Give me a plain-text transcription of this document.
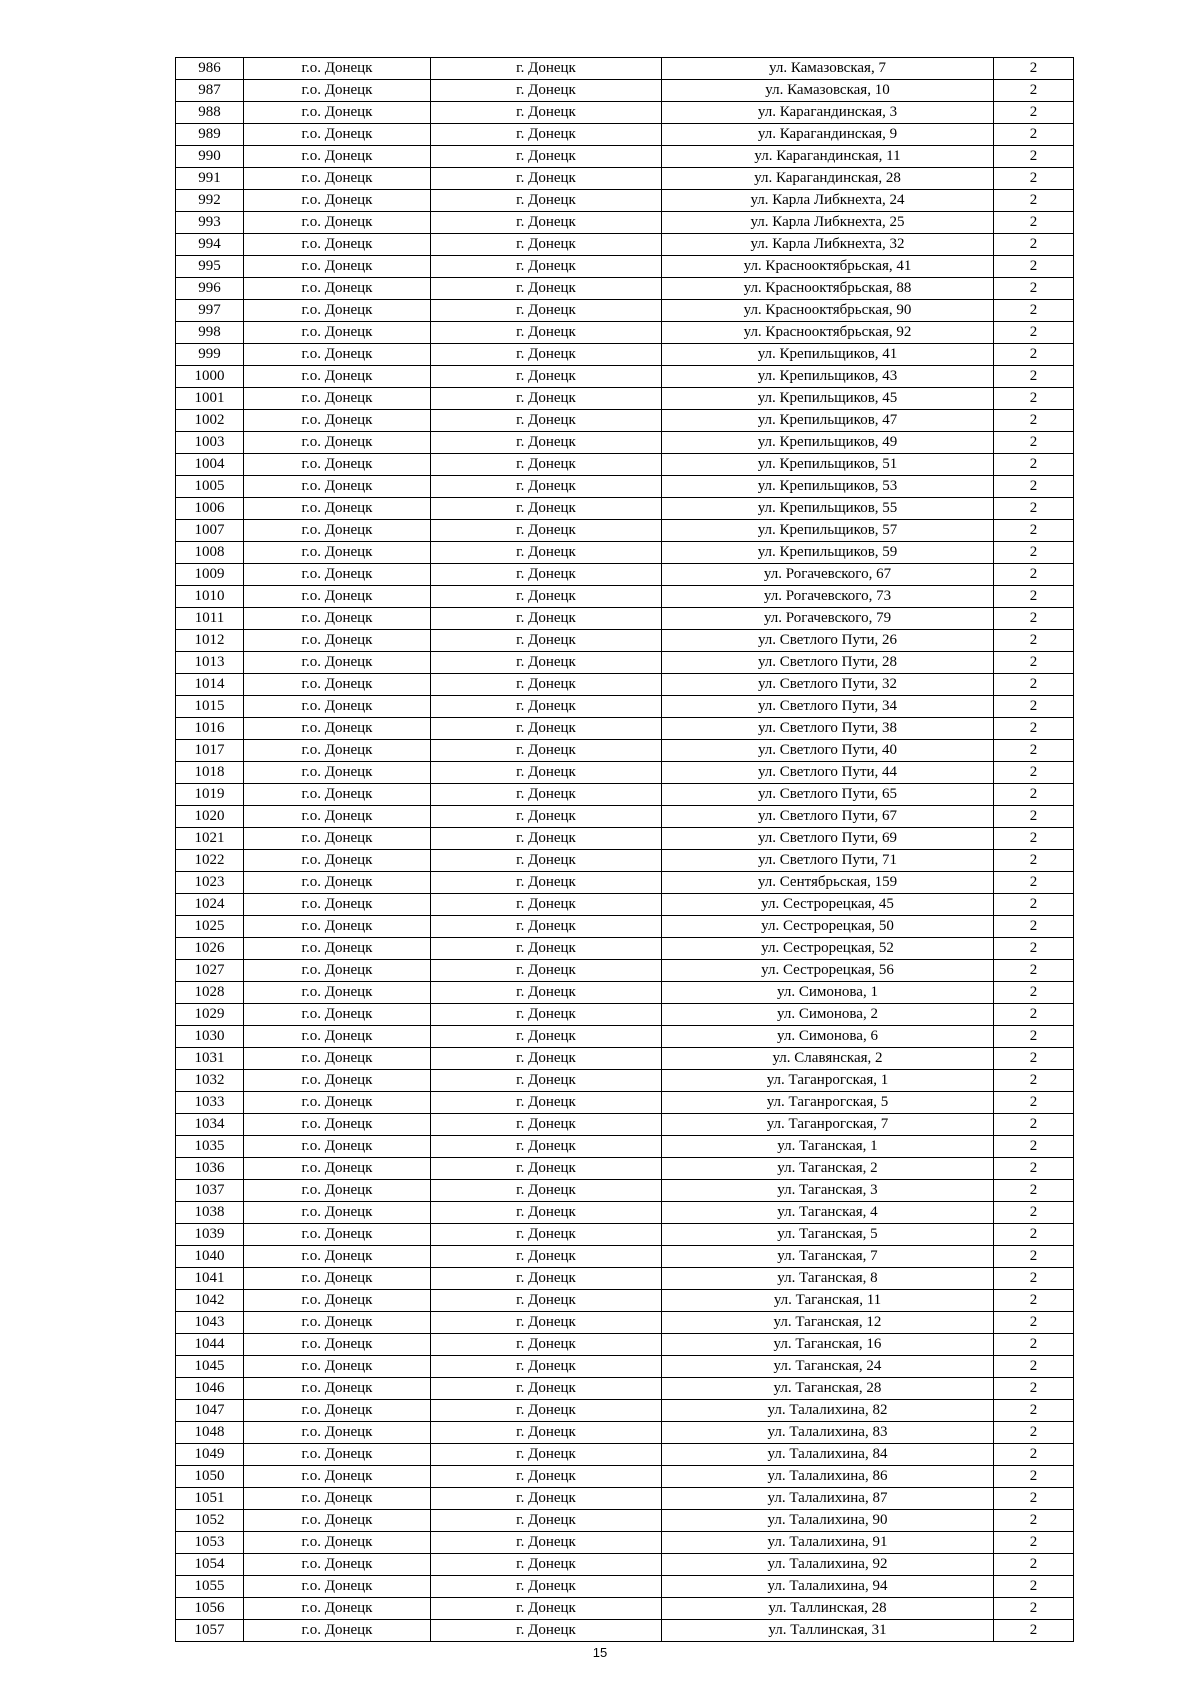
986	г.о. Донецк	г. Донецк	ул. Камазовская, 7	2
987	г.о. Донецк	г. Донецк	ул. Камазовская, 10	2
988	г.о. Донецк	г. Донецк	ул. Карагандинская, 3	2
989	г.о. Донецк	г. Донецк	ул. Карагандинская, 9	2
990	г.о. Донецк	г. Донецк	ул. Карагандинская, 11	2
991	г.о. Донецк	г. Донецк	ул. Карагандинская, 28	2
992	г.о. Донецк	г. Донецк	ул. Карла Либкнехта, 24	2
993	г.о. Донецк	г. Донецк	ул. Карла Либкнехта, 25	2
994	г.о. Донецк	г. Донецк	ул. Карла Либкнехта, 32	2
995	г.о. Донецк	г. Донецк	ул. Краснооктябрьская, 41	2
996	г.о. Донецк	г. Донецк	ул. Краснооктябрьская, 88	2
997	г.о. Донецк	г. Донецк	ул. Краснооктябрьская, 90	2
998	г.о. Донецк	г. Донецк	ул. Краснооктябрьская, 92	2
999	г.о. Донецк	г. Донецк	ул. Крепильщиков, 41	2
1000	г.о. Донецк	г. Донецк	ул. Крепильщиков, 43	2
1001	г.о. Донецк	г. Донецк	ул. Крепильщиков, 45	2
1002	г.о. Донецк	г. Донецк	ул. Крепильщиков, 47	2
1003	г.о. Донецк	г. Донецк	ул. Крепильщиков, 49	2
1004	г.о. Донецк	г. Донецк	ул. Крепильщиков, 51	2
1005	г.о. Донецк	г. Донецк	ул. Крепильщиков, 53	2
1006	г.о. Донецк	г. Донецк	ул. Крепильщиков, 55	2
1007	г.о. Донецк	г. Донецк	ул. Крепильщиков, 57	2
1008	г.о. Донецк	г. Донецк	ул. Крепильщиков, 59	2
1009	г.о. Донецк	г. Донецк	ул. Рогачевского, 67	2
1010	г.о. Донецк	г. Донецк	ул. Рогачевского, 73	2
1011	г.о. Донецк	г. Донецк	ул. Рогачевского, 79	2
1012	г.о. Донецк	г. Донецк	ул. Светлого Пути, 26	2
1013	г.о. Донецк	г. Донецк	ул. Светлого Пути, 28	2
1014	г.о. Донецк	г. Донецк	ул. Светлого Пути, 32	2
1015	г.о. Донецк	г. Донецк	ул. Светлого Пути, 34	2
1016	г.о. Донецк	г. Донецк	ул. Светлого Пути, 38	2
1017	г.о. Донецк	г. Донецк	ул. Светлого Пути, 40	2
1018	г.о. Донецк	г. Донецк	ул. Светлого Пути, 44	2
1019	г.о. Донецк	г. Донецк	ул. Светлого Пути, 65	2
1020	г.о. Донецк	г. Донецк	ул. Светлого Пути, 67	2
1021	г.о. Донецк	г. Донецк	ул. Светлого Пути, 69	2
1022	г.о. Донецк	г. Донецк	ул. Светлого Пути, 71	2
1023	г.о. Донецк	г. Донецк	ул. Сентябрьская, 159	2
1024	г.о. Донецк	г. Донецк	ул. Сестрорецкая, 45	2
1025	г.о. Донецк	г. Донецк	ул. Сестрорецкая, 50	2
1026	г.о. Донецк	г. Донецк	ул. Сестрорецкая, 52	2
1027	г.о. Донецк	г. Донецк	ул. Сестрорецкая, 56	2
1028	г.о. Донецк	г. Донецк	ул. Симонова, 1	2
1029	г.о. Донецк	г. Донецк	ул. Симонова, 2	2
1030	г.о. Донецк	г. Донецк	ул. Симонова, 6	2
1031	г.о. Донецк	г. Донецк	ул. Славянская, 2	2
1032	г.о. Донецк	г. Донецк	ул. Таганрогская, 1	2
1033	г.о. Донецк	г. Донецк	ул. Таганрогская, 5	2
1034	г.о. Донецк	г. Донецк	ул. Таганрогская, 7	2
1035	г.о. Донецк	г. Донецк	ул. Таганская, 1	2
1036	г.о. Донецк	г. Донецк	ул. Таганская, 2	2
1037	г.о. Донецк	г. Донецк	ул. Таганская, 3	2
1038	г.о. Донецк	г. Донецк	ул. Таганская, 4	2
1039	г.о. Донецк	г. Донецк	ул. Таганская, 5	2
1040	г.о. Донецк	г. Донецк	ул. Таганская, 7	2
1041	г.о. Донецк	г. Донецк	ул. Таганская, 8	2
1042	г.о. Донецк	г. Донецк	ул. Таганская, 11	2
1043	г.о. Донецк	г. Донецк	ул. Таганская, 12	2
1044	г.о. Донецк	г. Донецк	ул. Таганская, 16	2
1045	г.о. Донецк	г. Донецк	ул. Таганская, 24	2
1046	г.о. Донецк	г. Донецк	ул. Таганская, 28	2
1047	г.о. Донецк	г. Донецк	ул. Талалихина, 82	2
1048	г.о. Донецк	г. Донецк	ул. Талалихина, 83	2
1049	г.о. Донецк	г. Донецк	ул. Талалихина, 84	2
1050	г.о. Донецк	г. Донецк	ул. Талалихина, 86	2
1051	г.о. Донецк	г. Донецк	ул. Талалихина, 87	2
1052	г.о. Донецк	г. Донецк	ул. Талалихина, 90	2
1053	г.о. Донецк	г. Донецк	ул. Талалихина, 91	2
1054	г.о. Донецк	г. Донецк	ул. Талалихина, 92	2
1055	г.о. Донецк	г. Донецк	ул. Талалихина, 94	2
1056	г.о. Донецк	г. Донецк	ул. Таллинская, 28	2
1057	г.о. Донецк	г. Донецк	ул. Таллинская, 31	2
15
